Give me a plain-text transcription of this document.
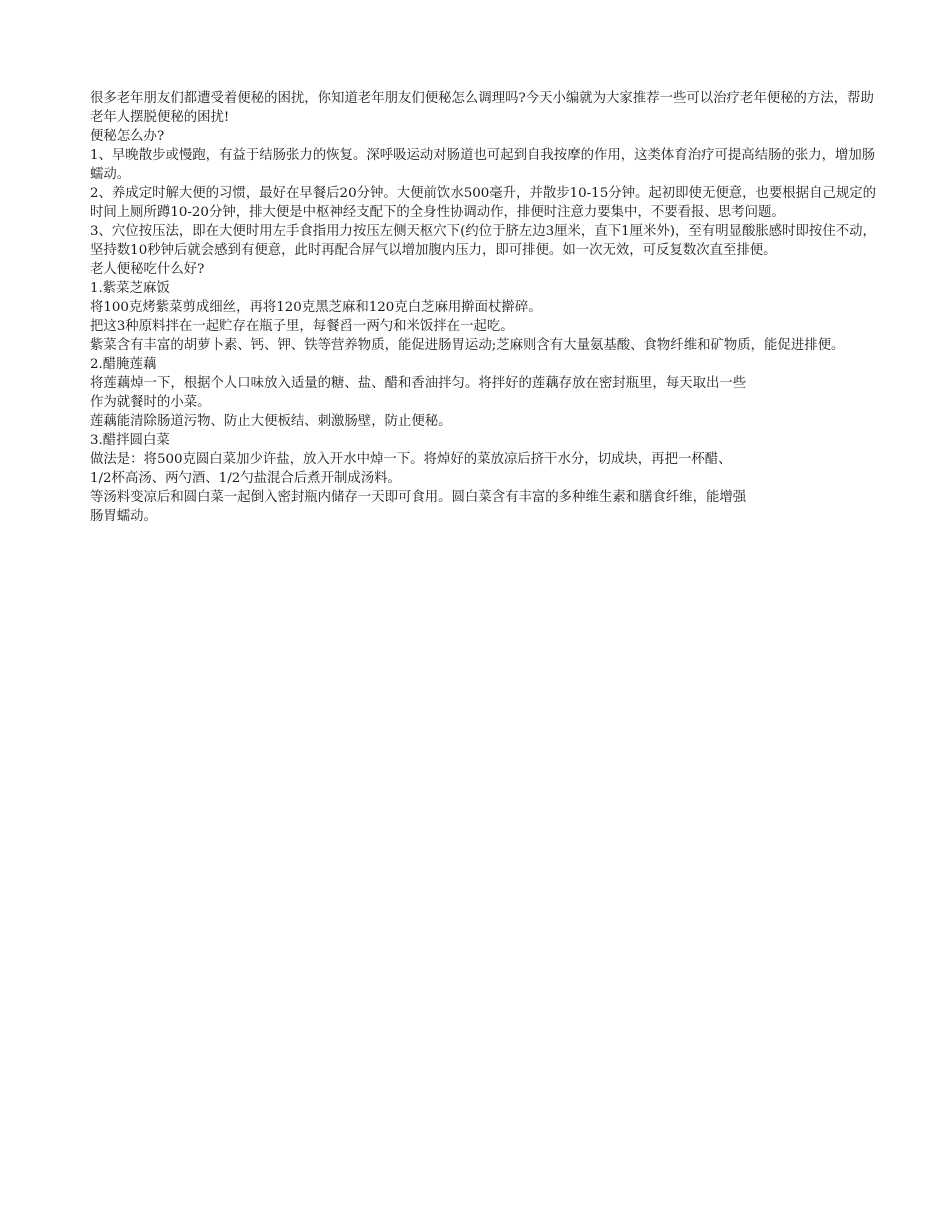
很多老年朋友们都遭受着便秘的困扰，你知道老年朋友们便秘怎么调理吗?今天小编就为大家推荐一些可以治疗老年便秘的方法，帮助老年人摆脱便秘的困扰!

便秘怎么办?

1、早晚散步或慢跑，有益于结肠张力的恢复。深呼吸运动对肠道也可起到自我按摩的作用，这类体育治疗可提高结肠的张力，增加肠蠕动。

2、养成定时解大便的习惯，最好在早餐后20分钟。大便前饮水500毫升，并散步10-15分钟。起初即使无便意，也要根据自己规定的时间上厕所蹲10-20分钟，排大便是中枢神经支配下的全身性协调动作，排便时注意力要集中，不要看报、思考问题。

3、穴位按压法，即在大便时用左手食指用力按压左侧天枢穴下(约位于脐左边3厘米，直下1厘米外)，至有明显酸胀感时即按住不动，坚持数10秒钟后就会感到有便意，此时再配合屏气以增加腹内压力，即可排便。如一次无效，可反复数次直至排便。

老人便秘吃什么好?

1.紫菜芝麻饭

将100克烤紫菜剪成细丝，再将120克黑芝麻和120克白芝麻用擀面杖擀碎。

把这3种原料拌在一起贮存在瓶子里，每餐舀一两勺和米饭拌在一起吃。

紫菜含有丰富的胡萝卜素、钙、钾、铁等营养物质，能促进肠胃运动;芝麻则含有大量氨基酸、食物纤维和矿物质，能促进排便。

2.醋腌莲藕

将莲藕焯一下，根据个人口味放入适量的糖、盐、醋和香油拌匀。将拌好的莲藕存放在密封瓶里，每天取出一些

作为就餐时的小菜。

莲藕能清除肠道污物、防止大便板结、刺激肠壁，防止便秘。

3.醋拌圆白菜

做法是：将500克圆白菜加少许盐，放入开水中焯一下。将焯好的菜放凉后挤干水分，切成块，再把一杯醋、

1/2杯高汤、两勺酒、1/2勺盐混合后煮开制成汤料。

等汤料变凉后和圆白菜一起倒入密封瓶内储存一天即可食用。圆白菜含有丰富的多种维生素和膳食纤维，能增强

肠胃蠕动。
